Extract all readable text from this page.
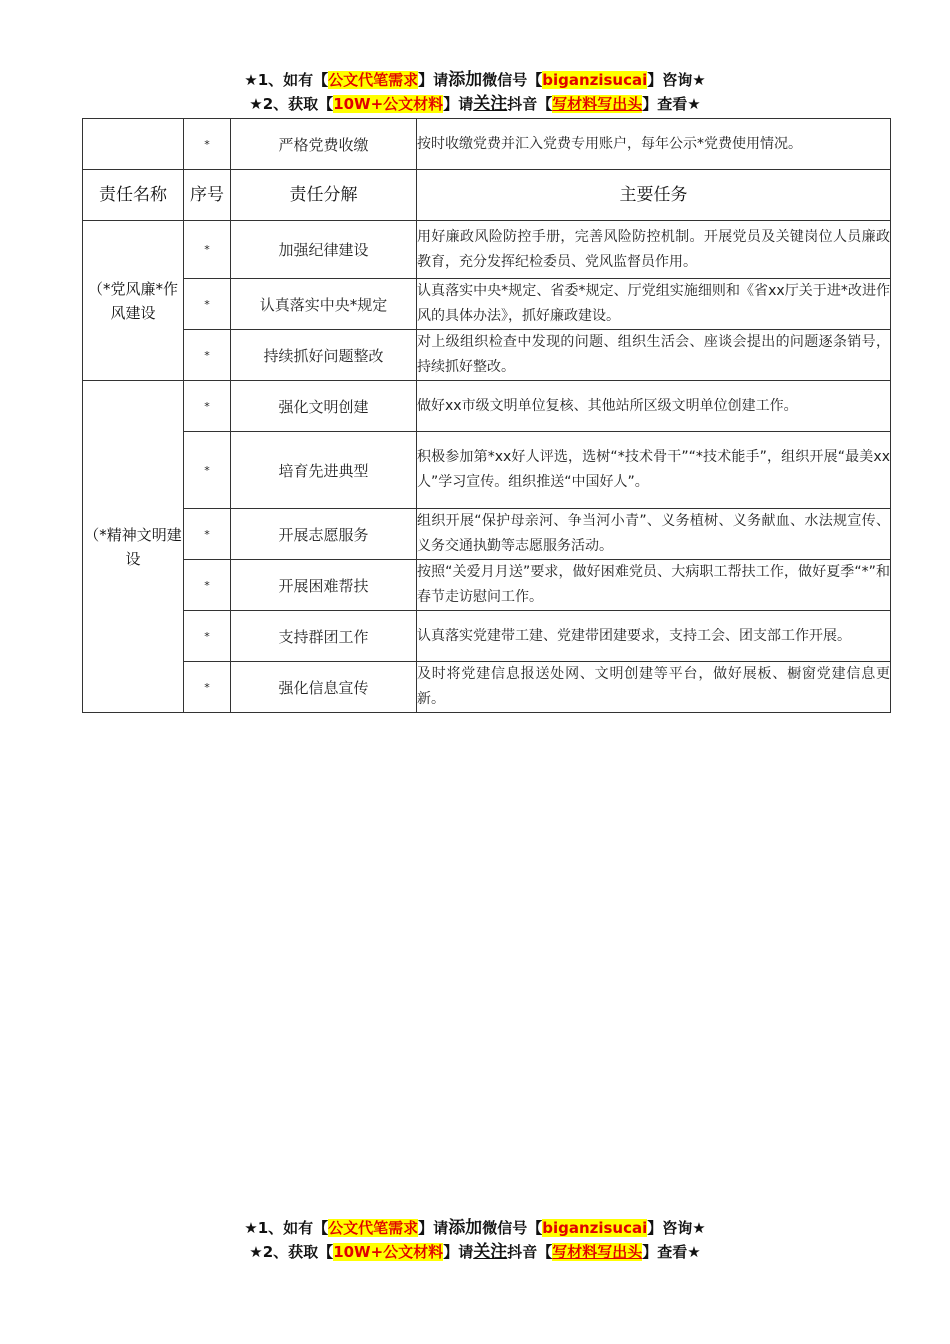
★1、如有【公文代笔需求】请添加微信号【biganzisucai】咨询★
★2、获取【10W+公文材料】请关注抖音【写材料写出头】查看★
	*	严格党费收缴	按时收缴党费并汇入党费专用账户，每年公示*党费使用情况。
责任名称	序号	责任分解	主要任务
（*党风廉*作风建设	*	加强纪律建设	用好廉政风险防控手册，完善风险防控机制。开展党员及关键岗位人员廉政教育，充分发挥纪检委员、党风监督员作用。
	*	认真落实中央*规定	认真落实中央*规定、省委*规定、厅党组实施细则和《省xx厅关于进*改进作风的具体办法》，抓好廉政建设。
	*	持续抓好问题整改	对上级组织检查中发现的问题、组织生活会、座谈会提出的问题逐条销号，持续抓好整改。
（*精神文明建设	*	强化文明创建	做好xx市级文明单位复核、其他站所区级文明单位创建工作。
	*	培育先进典型	积极参加第*xx好人评选，选树“*技术骨干”“*技术能手”，组织开展“最美xx人”学习宣传。组织推送“中国好人”。
	*	开展志愿服务	组织开展“保护母亲河、争当河小青”、义务植树、义务献血、水法规宣传、义务交通执勤等志愿服务活动。
	*	开展困难帮扶	按照“关爱月月送”要求，做好困难党员、大病职工帮扶工作，做好夏季“*”和春节走访慰问工作。
	*	支持群团工作	认真落实党建带工建、党建带团建要求，支持工会、团支部工作开展。
	*	强化信息宣传	及时将党建信息报送处网、文明创建等平台，做好展板、橱窗党建信息更新。
★1、如有【公文代笔需求】请添加微信号【biganzisucai】咨询★
★2、获取【10W+公文材料】请关注抖音【写材料写出头】查看★
